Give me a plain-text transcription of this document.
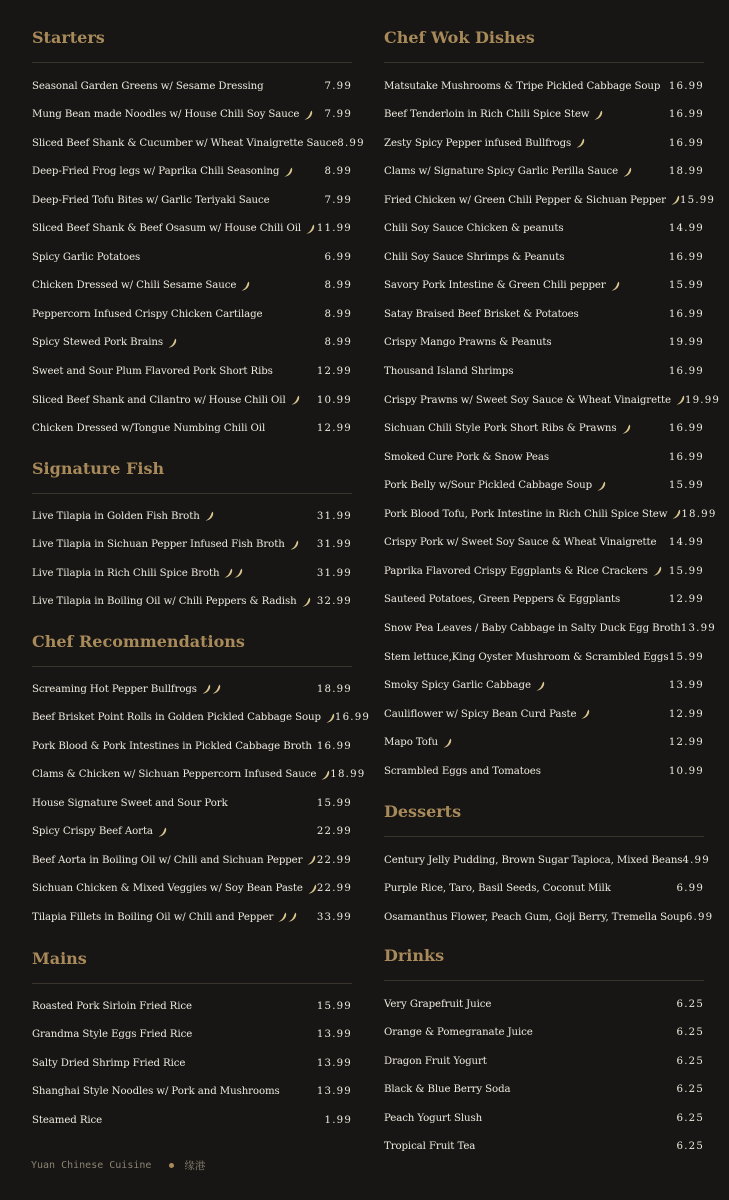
Starters
Seasonal Garden Greens w/ Sesame Dressing	7.99
Mung Bean made Noodles w/ House Chili Soy Sauce 7.99
Sliced Beef Shank & Cucumber w/ Wheat Vinaigrette Sauce 8.99
Deep-Fried Frog legs w/ Paprika Chili Seasoning	8.99
Deep-Fried Tofu Bites w/ Garlic Teriyaki Sauce	7.99
Sliced Beef Shank & Beef Osasum w/ House Chili Oil 11.99
Spicy Garlic Potatoes	6.99
Chicken Dressed w/ Chili Sesame Sauce	8.99
Peppercorn Infused Crispy Chicken Cartilage	8.99
Spicy Stewed Pork Brains	8.99
Sweet and Sour Plum Flavored Pork Short Ribs	12.99
Sliced Beef Shank and Cilantro w/ House Chili Oil	10.99
Chicken Dressed w/Tongue Numbing Chili Oil	12.99
Signature Fish
Live Tilapia in Golden Fish Broth	31.99
Live Tilapia in Sichuan Pepper Infused Fish Broth	31.99
Live Tilapia in Rich Chili Spice Broth	31.99
Live Tilapia in Boiling Oil w/ Chili Peppers & Radish 32.99
Chef Recommendations
Screaming Hot Pepper Bullfrogs	18.99
Beef Brisket Point Rolls in Golden Pickled Cabbage Soup 16.99
Pork Blood & Pork Intestines in Pickled Cabbage Broth 16.99
Clams & Chicken w/ Sichuan Peppercorn Infused Sauce 18.99
House Signature Sweet and Sour Pork	15.99
Spicy Crispy Beef Aorta	22.99
Beef Aorta in Boiling Oil w/ Chili and Sichuan Pepper 22.99
Sichuan Chicken & Mixed Veggies w/ Soy Bean Paste 22.99
Tilapia Fillets in Boiling Oil w/ Chili and Pepper	33.99
Mains
Roasted Pork Sirloin Fried Rice	15.99
Grandma Style Eggs Fried Rice	13.99
Salty Dried Shrimp Fried Rice	13.99
Shanghai Style Noodles w/ Pork and Mushrooms	13.99
Steamed Rice	1.99
Chef Wok Dishes
Matsutake Mushrooms & Tripe Pickled Cabbage Soup 16.99
Beef Tenderloin in Rich Chili Spice Stew	16.99
Zesty Spicy Pepper infused Bullfrogs	16.99
Clams w/ Signature Spicy Garlic Perilla Sauce	18.99
Fried Chicken w/ Green Chili Pepper & Sichuan Pepper 15.99
Chili Soy Sauce Chicken & peanuts	14.99
Chili Soy Sauce Shrimps & Peanuts	16.99
Savory Pork Intestine & Green Chili pepper	15.99
Satay Braised Beef Brisket & Potatoes	16.99
Crispy Mango Prawns & Peanuts	19.99
Thousand Island Shrimps	16.99
Crispy Prawns w/ Sweet Soy Sauce & Wheat Vinaigrette 19.99
Sichuan Chili Style Pork Short Ribs & Prawns	16.99
Smoked Cure Pork & Snow Peas	16.99
Pork Belly w/Sour Pickled Cabbage Soup	15.99
Pork Blood Tofu, Pork Intestine in Rich Chili Spice Stew 18.99
Crispy Pork w/ Sweet Soy Sauce & Wheat Vinaigrette 14.99
Paprika Flavored Crispy Eggplants & Rice Crackers 15.99
Sauteed Potatoes, Green Peppers & Eggplants	12.99
Snow Pea Leaves / Baby Cabbage in Salty Duck Egg Broth 13.99
Stem lettuce,King Oyster Mushroom & Scrambled Eggs 15.99
Smoky Spicy Garlic Cabbage	13.99
Cauliflower w/ Spicy Bean Curd Paste	12.99
Mapo Tofu	12.99
Scrambled Eggs and Tomatoes	10.99
Desserts
Century Jelly Pudding, Brown Sugar Tapioca, Mixed Beans 4.99
Purple Rice, Taro, Basil Seeds, Coconut Milk	6.99
Osamanthus Flower, Peach Gum, Goji Berry, Tremella Soup 6.99
Drinks
Very Grapefruit Juice	6.25
Orange & Pomegranate Juice	6.25
Dragon Fruit Yogurt	6.25
Black & Blue Berry Soda	6.25
Peach Yogurt Slush	6.25
Tropical Fruit Tea	6.25
Yuan Chinese Cuisine	缘港
